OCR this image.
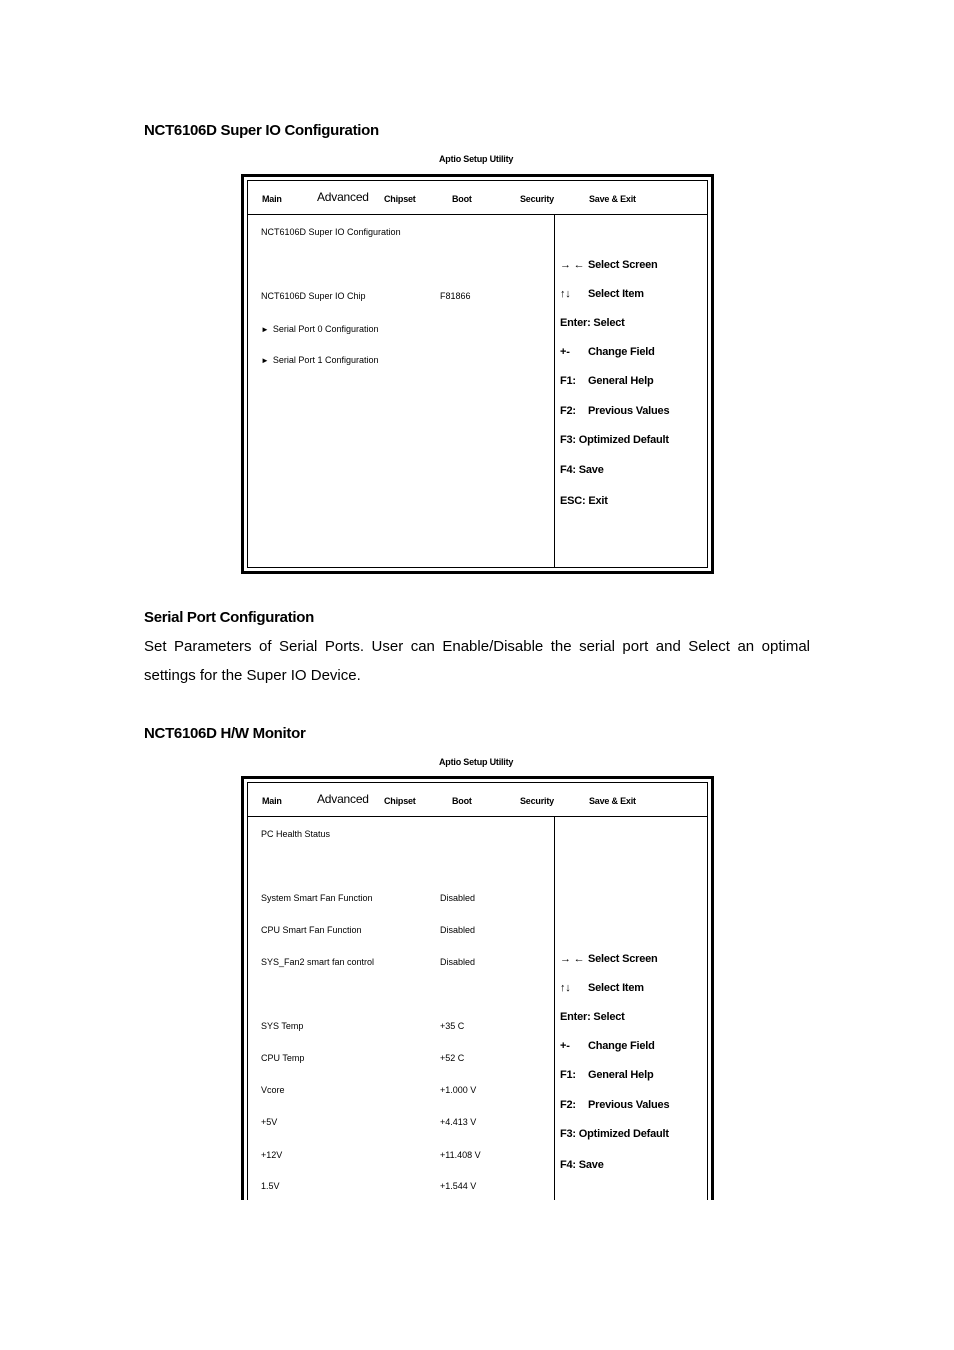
NCT6106D Super IO Configuration
Aptio Setup Utility
Main	Advanced Chipset	Boot	Security	Save & Exit
NCT6106D Super IO Configuration
NCT6106D Super IO Chip	F81866
► Serial Port 0 Configuration
► Serial Port 1 Configuration
→ ← Select Screen
↑↓ Select Item
Enter: Select
+- Change Field
F1: General Help
F2: Previous Values
F3: Optimized Default
F4: Save
ESC: Exit
Serial Port Configuration
Set Parameters of Serial Ports. User can Enable/Disable the serial port and Select an optimal settings for the Super IO Device.
NCT6106D H/W Monitor
Aptio Setup Utility
Main	Advanced Chipset	Boot	Security	Save & Exit
PC Health Status
System Smart Fan Function	Disabled
CPU Smart Fan Function	Disabled
SYS_Fan2 smart fan control	Disabled
SYS Temp	+35 C
CPU Temp	+52 C
Vcore	+1.000 V
+5V	+4.413 V
+12V	+11.408 V
1.5V	+1.544 V
→ ← Select Screen
↑↓ Select Item
Enter: Select
+- Change Field
F1: General Help
F2: Previous Values
F3: Optimized Default
F4: Save
